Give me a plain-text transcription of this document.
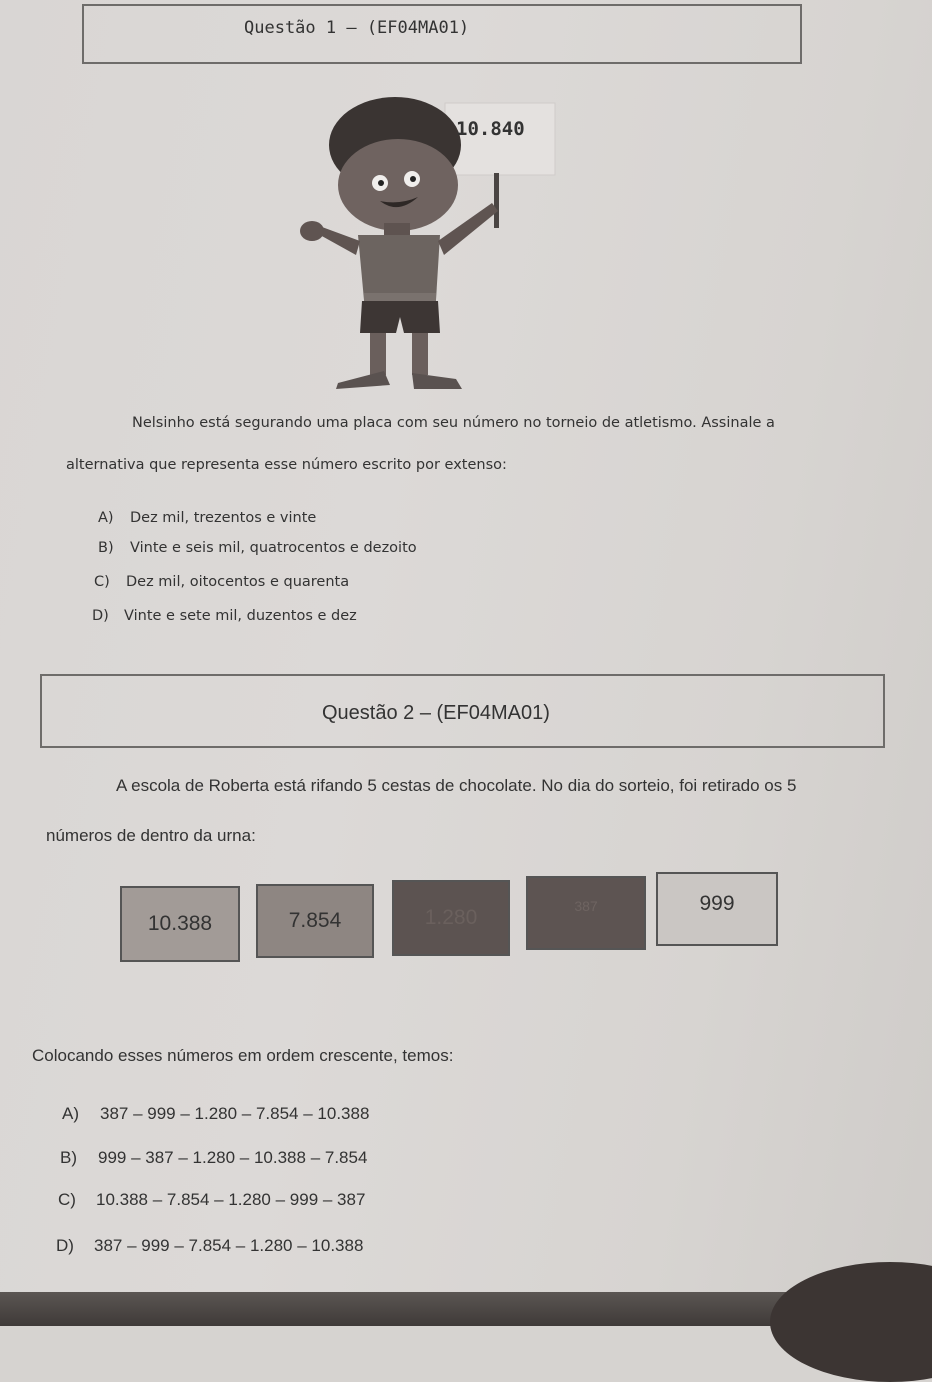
Questão 1 – (EF04MA01)
10.840
Nelsinho está segurando uma placa com seu número no torneio de atletismo. Assinale a
alternativa que representa esse número escrito por extenso:
A) Dez mil, trezentos e vinte
B) Vinte e seis mil, quatrocentos e dezoito
C) Dez mil, oitocentos e quarenta
D) Vinte e sete mil, duzentos e dez
Questão 2 – (EF04MA01)
A escola de Roberta está rifando 5 cestas de chocolate. No dia do sorteio, foi retirado os 5
números de dentro da urna:
10.388	7.854	1.280	387	999
Colocando esses números em ordem crescente, temos:
A) 387 – 999 – 1.280 – 7.854 – 10.388
B) 999 – 387 – 1.280 – 10.388 – 7.854
C) 10.388 – 7.854 – 1.280 – 999 – 387
D) 387 – 999 – 7.854 – 1.280 – 10.388
